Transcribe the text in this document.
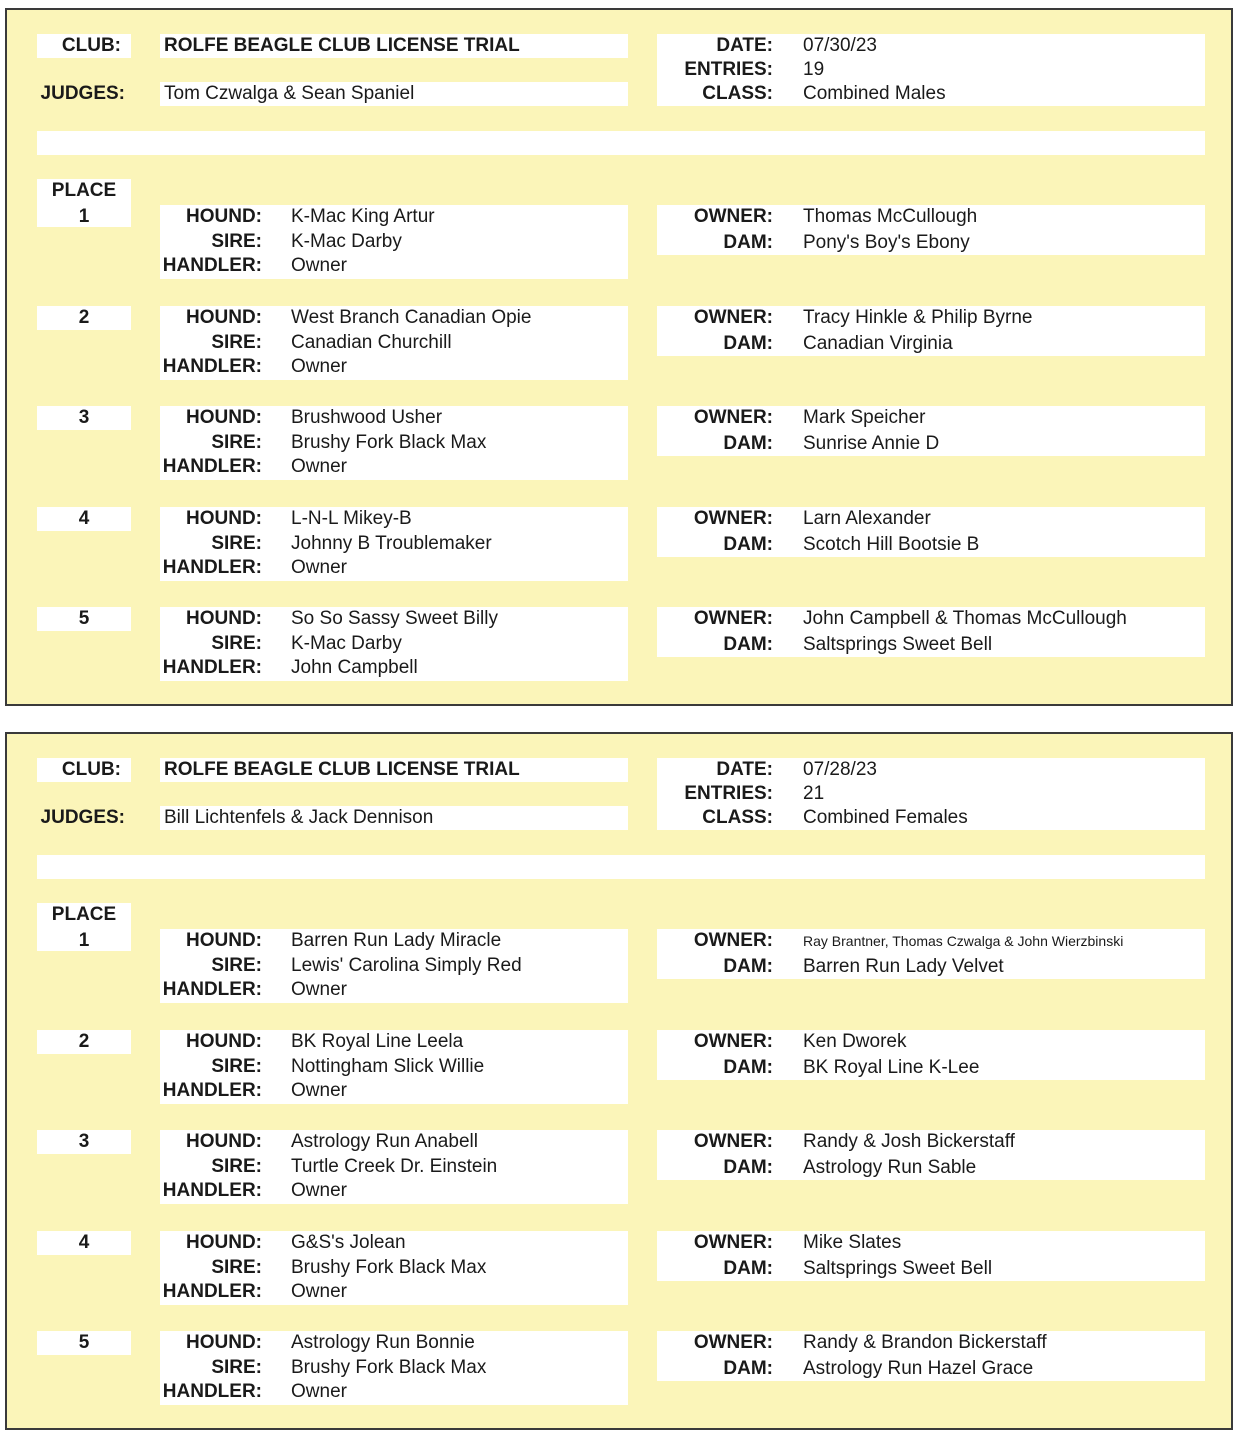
CLUB: ROLFE BEAGLE CLUB LICENSE TRIAL
JUDGES: Tom Czwalga & Sean Spaniel
DATE: 07/30/23
ENTRIES: 19
CLASS: Combined Males
PLACE
1	HOUND: K-Mac King Artur
SIRE: K-Mac Darby
HANDLER: Owner
OWNER: Thomas McCullough
DAM: Pony's Boy's Ebony
2	HOUND: West Branch Canadian Opie
SIRE: Canadian Churchill
HANDLER: Owner
OWNER: Tracy Hinkle & Philip Byrne
DAM: Canadian Virginia
3	HOUND: Brushwood Usher
SIRE: Brushy Fork Black Max
HANDLER: Owner
OWNER: Mark Speicher
DAM: Sunrise Annie D
4	HOUND: L-N-L Mikey-B
SIRE: Johnny B Troublemaker
HANDLER: Owner
OWNER: Larn Alexander
DAM: Scotch Hill Bootsie B
5	HOUND: So So Sassy Sweet Billy
SIRE: K-Mac Darby
HANDLER: John Campbell
OWNER: John Campbell & Thomas McCullough
DAM: Saltsprings Sweet Bell
CLUB: ROLFE BEAGLE CLUB LICENSE TRIAL
JUDGES: Bill Lichtenfels & Jack Dennison
DATE: 07/28/23
ENTRIES: 21
CLASS: Combined Females
PLACE
1	HOUND: Barren Run Lady Miracle
SIRE: Lewis' Carolina Simply Red
HANDLER: Owner
OWNER: Ray Brantner, Thomas Czwalga & John Wierzbinski
DAM: Barren Run Lady Velvet
2	HOUND: BK Royal Line Leela
SIRE: Nottingham Slick Willie
HANDLER: Owner
OWNER: Ken Dworek
DAM: BK Royal Line K-Lee
3	HOUND: Astrology Run Anabell
SIRE: Turtle Creek Dr. Einstein
HANDLER: Owner
OWNER: Randy & Josh Bickerstaff
DAM: Astrology Run Sable
4	HOUND: G&S's Jolean
SIRE: Brushy Fork Black Max
HANDLER: Owner
OWNER: Mike Slates
DAM: Saltsprings Sweet Bell
5	HOUND: Astrology Run Bonnie
SIRE: Brushy Fork Black Max
HANDLER: Owner
OWNER: Randy & Brandon Bickerstaff
DAM: Astrology Run Hazel Grace
